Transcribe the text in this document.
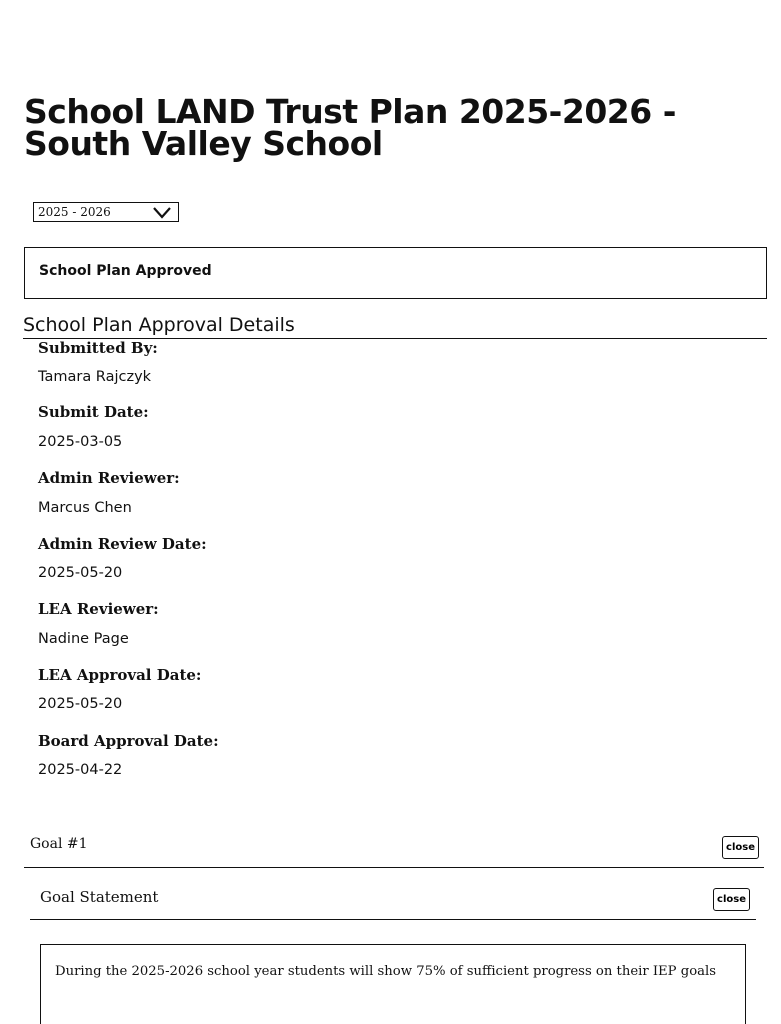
School LAND Trust Plan 2025-2026 - South Valley School
2025 - 2026
School Plan Approved
School Plan Approval Details
Submitted By:
Tamara Rajczyk
Submit Date:
2025-03-05
Admin Reviewer:
Marcus Chen
Admin Review Date:
2025-05-20
LEA Reviewer:
Nadine Page
LEA Approval Date:
2025-05-20
Board Approval Date:
2025-04-22
Goal #1	close
Goal Statement	close
During the 2025-2026 school year students will show 75% of sufficient progress on their IEP goals
